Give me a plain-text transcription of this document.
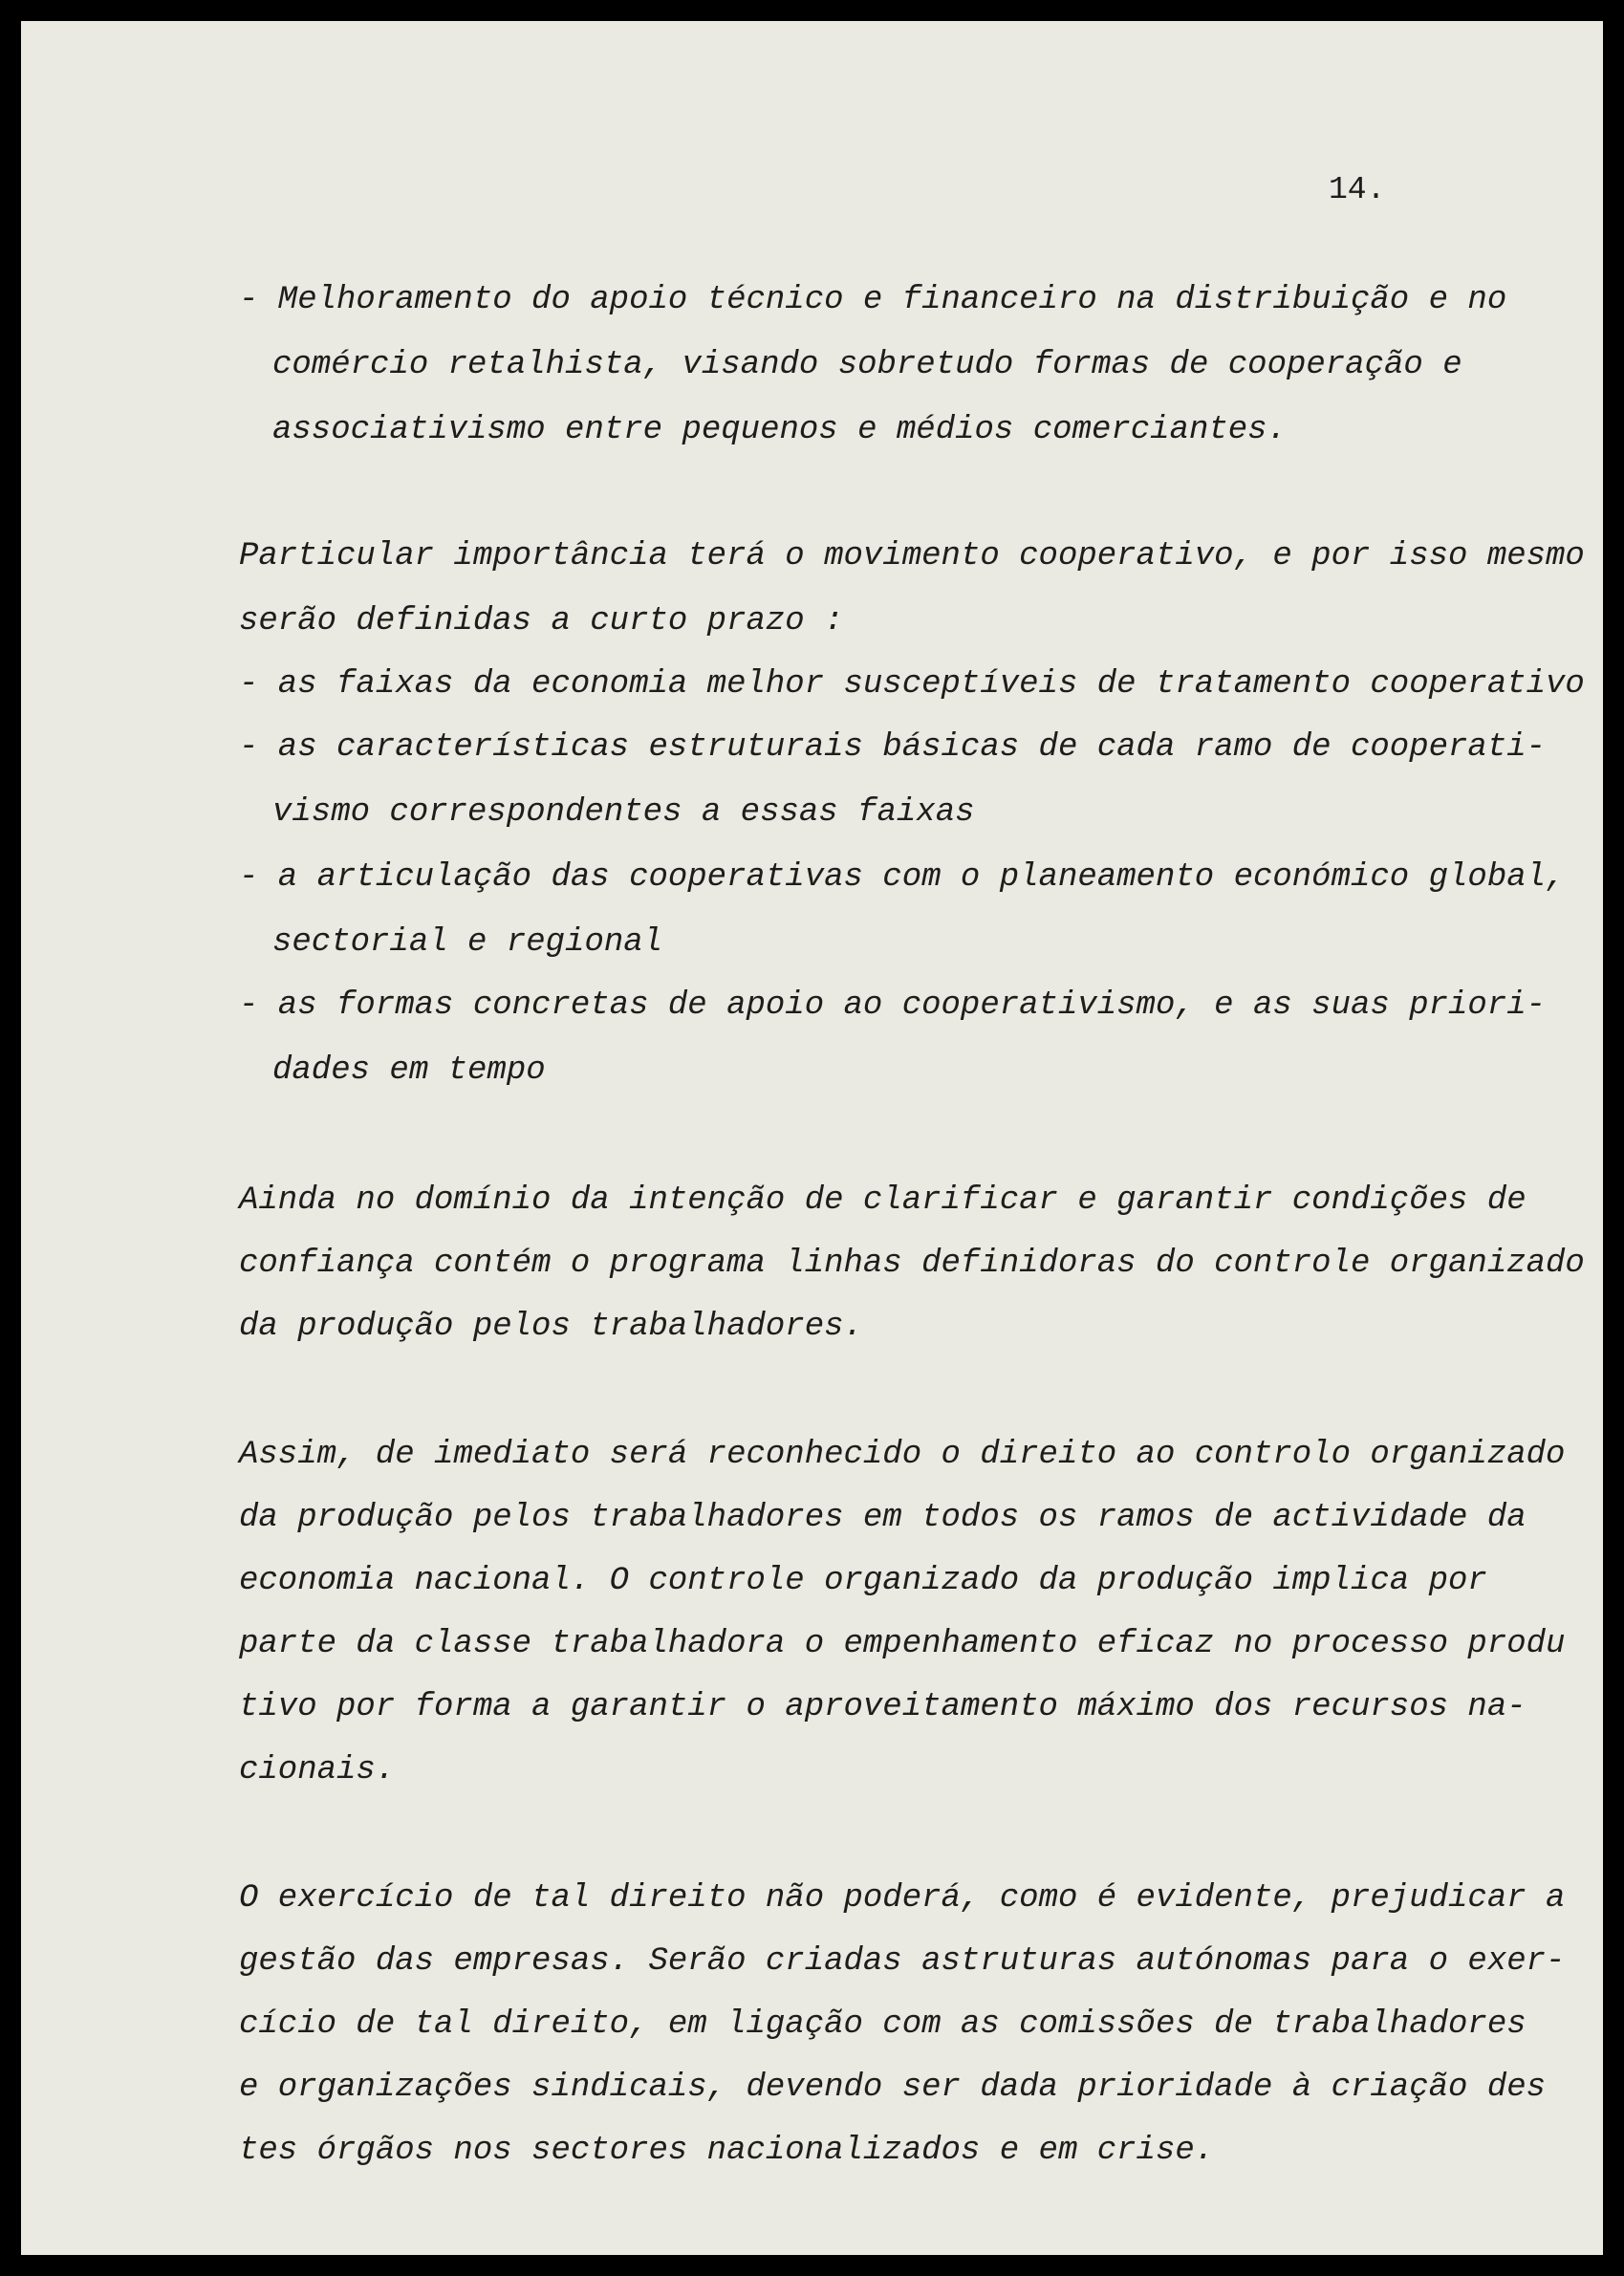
14.
- Melhoramento do apoio técnico e financeiro na distribuição e no
comércio retalhista, visando sobretudo formas de cooperação e
associativismo entre pequenos e médios comerciantes.
Particular importância terá o movimento cooperativo, e por isso mesmo
serão definidas a curto prazo :
- as faixas da economia melhor susceptíveis de tratamento cooperativo
- as características estruturais básicas de cada ramo de cooperati-
vismo correspondentes a essas faixas
- a articulação das cooperativas com o planeamento económico global,
sectorial e regional
- as formas concretas de apoio ao cooperativismo, e as suas priori-
dades em tempo
Ainda no domínio da intenção de clarificar e garantir condições de
confiança contém o programa linhas definidoras do controle organizado
da produção pelos trabalhadores.
Assim, de imediato será reconhecido o direito ao controlo organizado
da produção pelos trabalhadores em todos os ramos de actividade da
economia nacional. O controle organizado da produção implica por
parte da classe trabalhadora o empenhamento eficaz no processo produ
tivo por forma a garantir o aproveitamento máximo dos recursos na-
cionais.
O exercício de tal direito não poderá, como é evidente, prejudicar a
gestão das empresas. Serão criadas astruturas autónomas para o exer-
cício de tal direito, em ligação com as comissões de trabalhadores
e organizações sindicais, devendo ser dada prioridade à criação des
tes órgãos nos sectores nacionalizados e em crise.
